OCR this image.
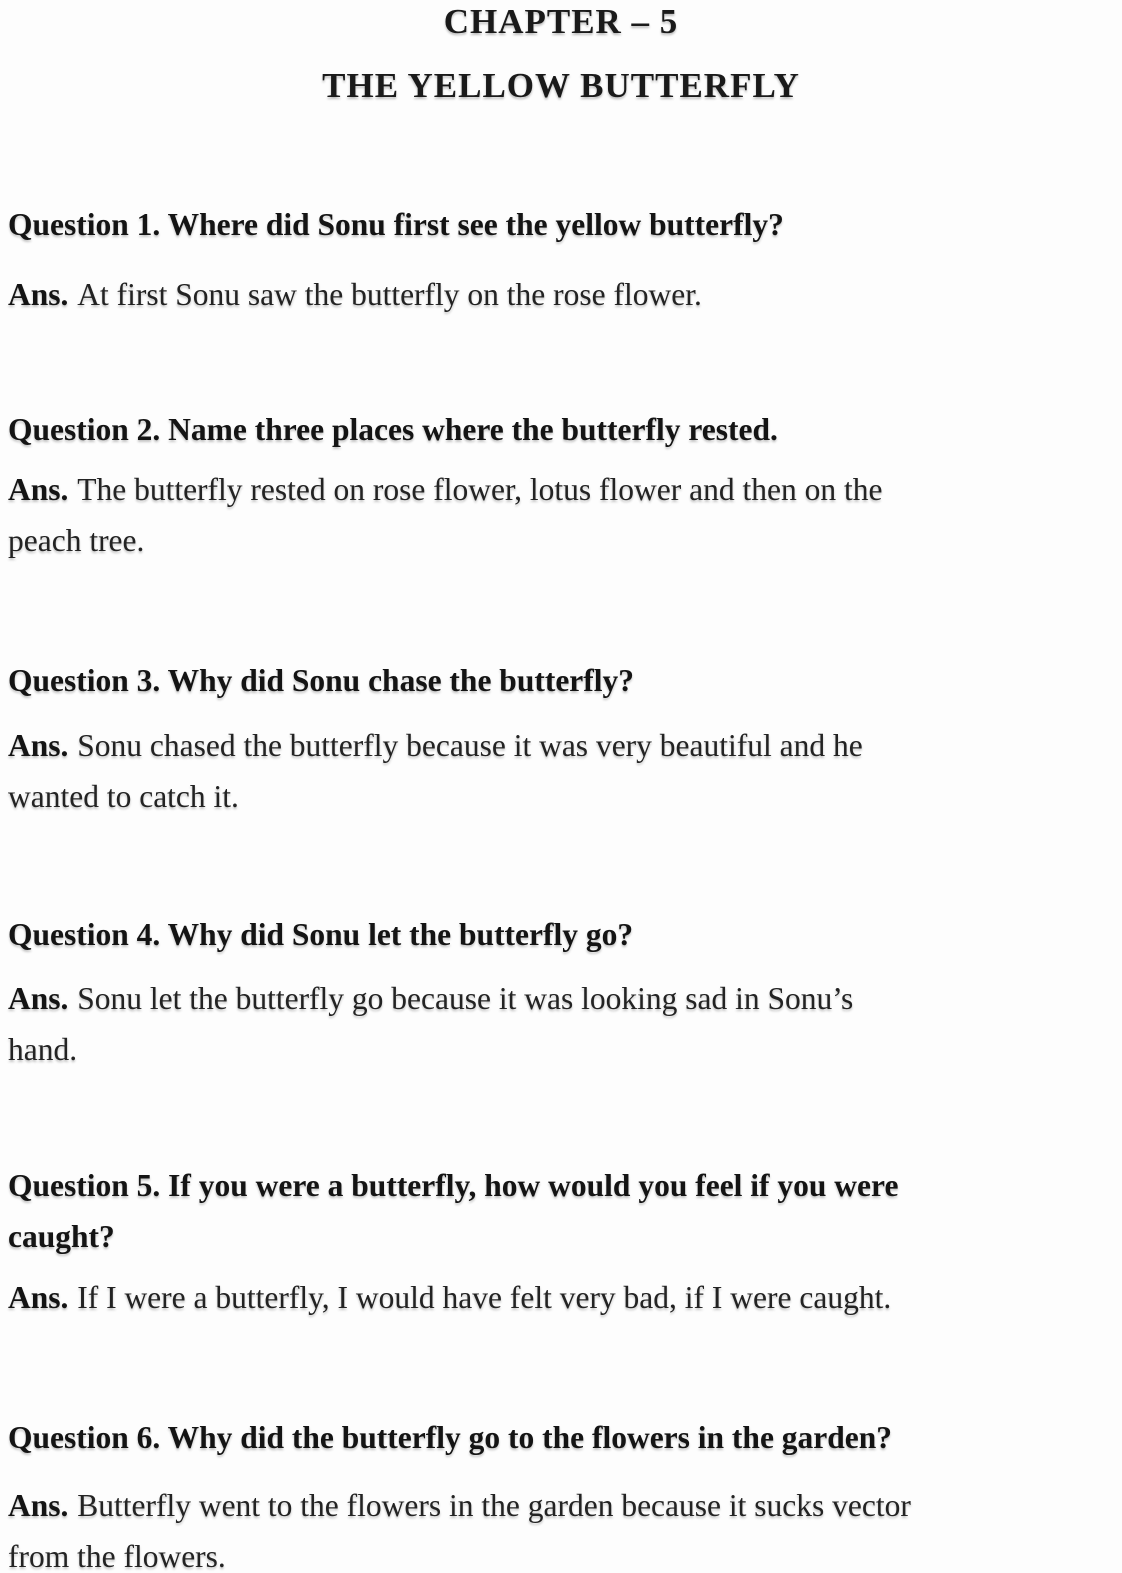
CHAPTER – 5
THE YELLOW BUTTERFLY
Question 1. Where did Sonu first see the yellow butterfly?
Ans. At first Sonu saw the butterfly on the rose flower.
Question 2. Name three places where the butterfly rested.
Ans. The butterfly rested on rose flower, lotus flower and then on the
peach tree.
Question 3. Why did Sonu chase the butterfly?
Ans. Sonu chased the butterfly because it was very beautiful and he
wanted to catch it.
Question 4. Why did Sonu let the butterfly go?
Ans. Sonu let the butterfly go because it was looking sad in Sonu’s
hand.
Question 5. If you were a butterfly, how would you feel if you were
caught?
Ans. If I were a butterfly, I would have felt very bad, if I were caught.
Question 6. Why did the butterfly go to the flowers in the garden?
Ans. Butterfly went to the flowers in the garden because it sucks vector
from the flowers.
